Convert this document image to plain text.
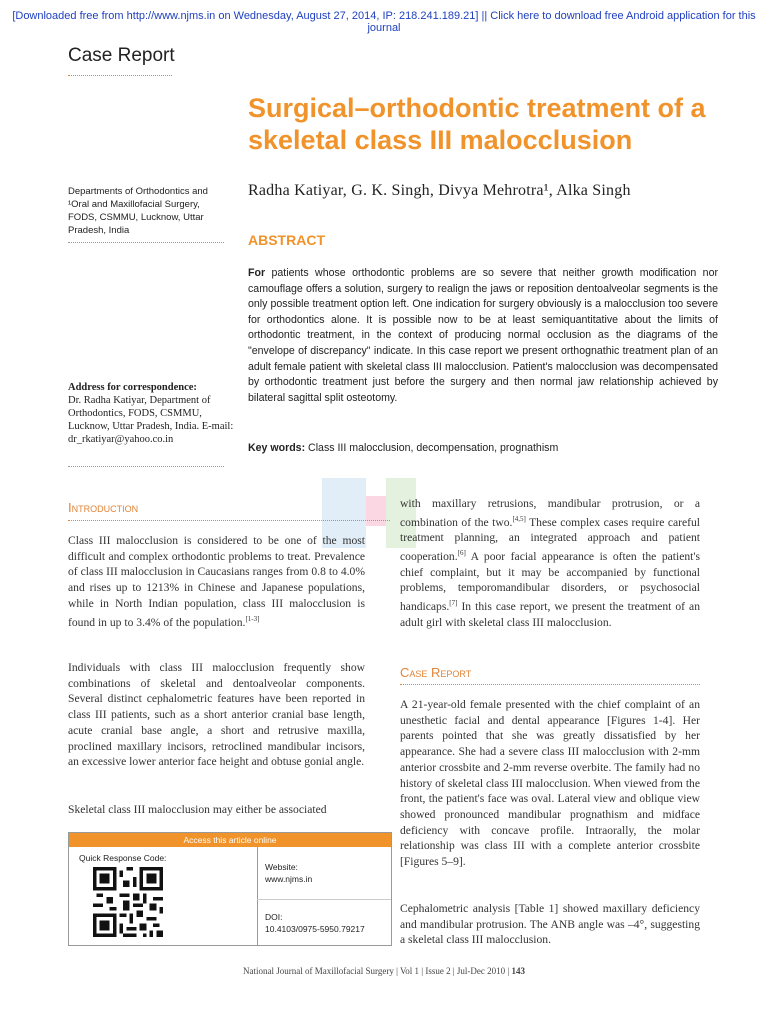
[Downloaded free from http://www.njms.in on Wednesday, August 27, 2014, IP: 218.241.189.21] || Click here to download free Android application for this journal
Case Report
Surgical–orthodontic treatment of a skeletal class III malocclusion
Departments of Orthodontics and ¹Oral and Maxillofacial Surgery, FODS, CSMMU, Lucknow, Uttar Pradesh, India
Radha Katiyar, G. K. Singh, Divya Mehrotra¹, Alka Singh
ABSTRACT
For patients whose orthodontic problems are so severe that neither growth modification nor camouflage offers a solution, surgery to realign the jaws or reposition dentoalveolar segments is the only possible treatment option left. One indication for surgery obviously is a malocclusion too severe for orthodontics alone. It is possible now to be at least semiquantitative about the limits of orthodontic treatment, in the context of producing normal occlusion as the diagrams of the "envelope of discrepancy" indicate. In this case report we present orthognathic treatment plan of an adult female patient with skeletal class III malocclusion. Patient's malocclusion was decompensated by orthodontic treatment just before the surgery and then normal jaw relationship achieved by bilateral sagittal split osteotomy.
Address for correspondence:
Dr. Radha Katiyar, Department of Orthodontics, FODS, CSMMU, Lucknow, Uttar Pradesh, India. E-mail: dr_rkatiyar@yahoo.co.in
Key words: Class III malocclusion, decompensation, prognathism
Introduction
Class III malocclusion is considered to be one of the most difficult and complex orthodontic problems to treat. Prevalence of class III malocclusion in Caucasians ranges from 0.8 to 4.0% and rises up to 1213% in Chinese and Japanese populations, while in North Indian population, class III malocclusion is found in up to 3.4% of the population.[1-3]
Individuals with class III malocclusion frequently show combinations of skeletal and dentoalveolar components. Several distinct cephalometric features have been reported in class III patients, such as a short anterior cranial base length, acute cranial base angle, a short and retrusive maxilla, proclined maxillary incisors, retroclined mandibular incisors, an excessive lower anterior face height and obtuse gonial angle.
Skeletal class III malocclusion may either be associated
Access this article online
Quick Response Code:
Website:
www.njms.in
DOI:
10.4103/0975-5950.79217
with maxillary retrusions, mandibular protrusion, or a combination of the two.[4,5] These complex cases require careful treatment planning, an integrated approach and patient cooperation.[6] A poor facial appearance is often the patient's chief complaint, but it may be accompanied by functional problems, temporomandibular disorders, or psychosocial handicaps.[7] In this case report, we present the treatment of an adult girl with skeletal class III malocclusion.
Case Report
A 21-year-old female presented with the chief complaint of an unesthetic facial and dental appearance [Figures 1-4]. Her parents pointed that she was greatly dissatisfied by her appearance. She had a severe class III malocclusion with 2-mm anterior crossbite and 2-mm reverse overbite. The family had no history of skeletal class III malocclusion. When viewed from the front, the patient's face was oval. Lateral view and oblique view showed pronounced mandibular prognathism and midface deficiency with concave profile. Intraorally, the molar relationship was class III with a complete anterior crossbite [Figures 5–9].
Cephalometric analysis [Table 1] showed maxillary deficiency and mandibular protrusion. The ANB angle was –4°, suggesting a skeletal class III malocclusion.
National Journal of Maxillofacial Surgery | Vol 1 | Issue 2 | Jul-Dec 2010 | 143
